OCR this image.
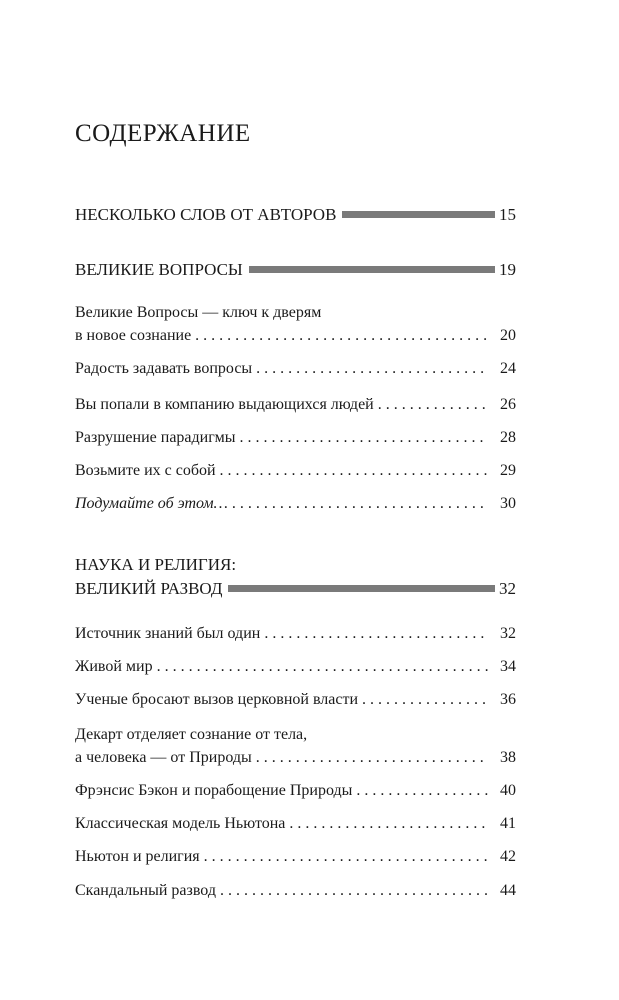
СОДЕРЖАНИЕ
НЕСКОЛЬКО СЛОВ ОТ АВТОРОВ	15
ВЕЛИКИЕ ВОПРОСЫ	19
Великие Вопросы — ключ к дверям
в новое сознание . . .	20
Радость задавать вопросы . . .	24
Вы попали в компанию выдающихся людей . . .	26
Разрушение парадигмы . . .	28
Возьмите их с собой . . .	29
Подумайте об этом… . . .	30
НАУКА И РЕЛИГИЯ:
ВЕЛИКИЙ РАЗВОД	32
Источник знаний был один . . .	32
Живой мир . . .	34
Ученые бросают вызов церковной власти . . .	36
Декарт отделяет сознание от тела,
а человека — от Природы . . .	38
Фрэнсис Бэкон и порабощение Природы . . .	40
Классическая модель Ньютона . . .	41
Ньютон и религия . . .	42
Скандальный развод . . .	44
